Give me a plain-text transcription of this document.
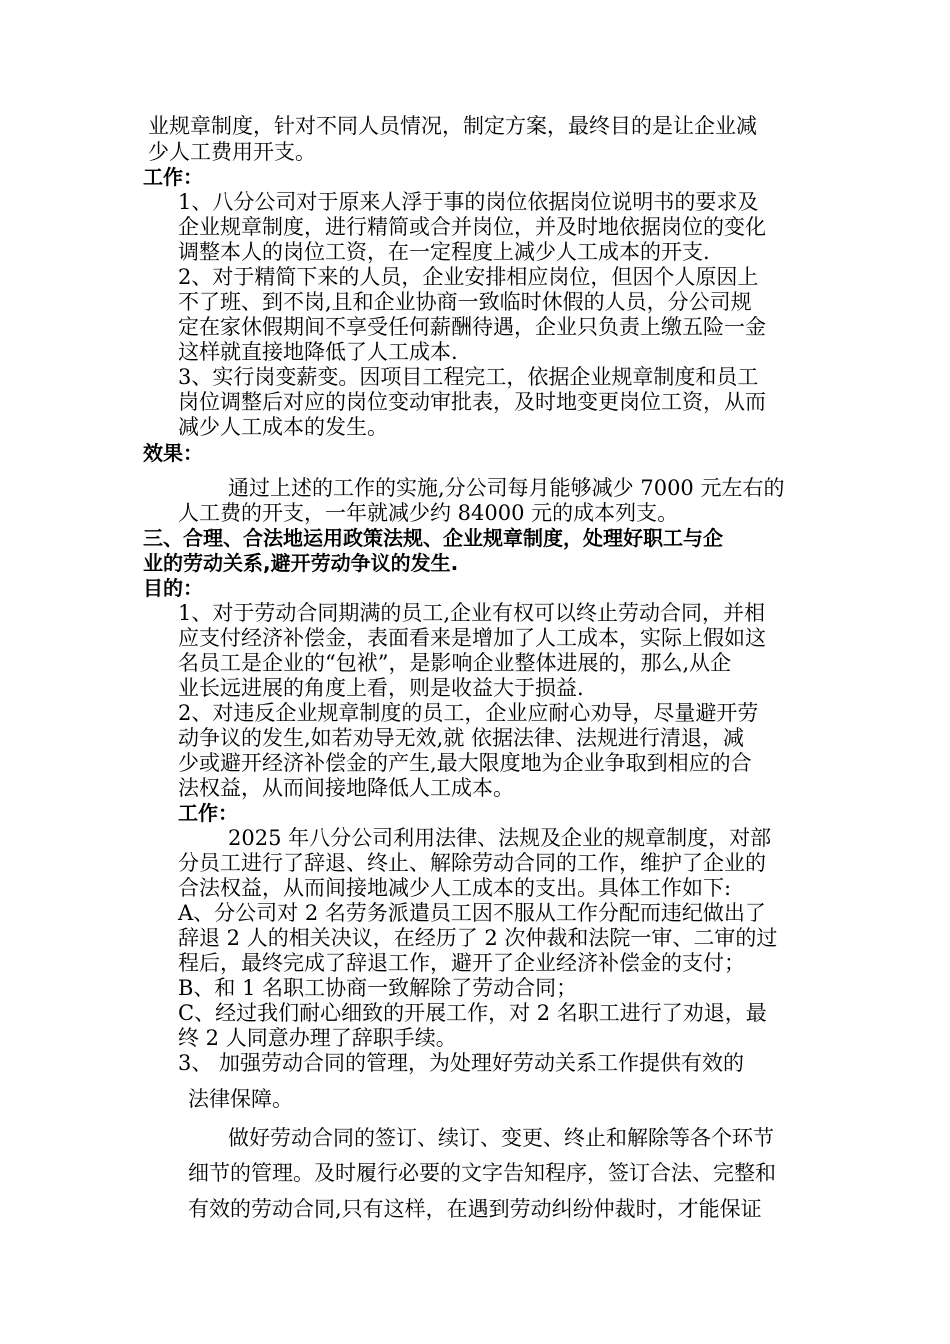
业规章制度，针对不同人员情况，制定方案，最终目的是让企业减
少人工费用开支。
工作：
1、八分公司对于原来人浮于事的岗位依据岗位说明书的要求及
企业规章制度，进行精简或合并岗位，并及时地依据岗位的变化
调整本人的岗位工资，在一定程度上减少人工成本的开支.
2、对于精简下来的人员，企业安排相应岗位，但因个人原因上
不了班、到不岗,且和企业协商一致临时休假的人员，分公司规
定在家休假期间不享受任何薪酬待遇，企业只负责上缴五险一金
这样就直接地降低了人工成本.
3、实行岗变薪变。因项目工程完工，依据企业规章制度和员工
岗位调整后对应的岗位变动审批表，及时地变更岗位工资，从而
减少人工成本的发生。
效果：
通过上述的工作的实施,分公司每月能够减少 7000 元左右的
人工费的开支，一年就减少约 84000 元的成本列支。
三、合理、合法地运用政策法规、企业规章制度，处理好职工与企
业的劳动关系,避开劳动争议的发生.
目的：
1、对于劳动合同期满的员工,企业有权可以终止劳动合同，并相
应支付经济补偿金，表面看来是增加了人工成本，实际上假如这
名员工是企业的“包袱”，是影响企业整体进展的，那么,从企
业长远进展的角度上看，则是收益大于损益.
2、对违反企业规章制度的员工，企业应耐心劝导，尽量避开劳
动争议的发生,如若劝导无效,就 依据法律、法规进行清退，减
少或避开经济补偿金的产生,最大限度地为企业争取到相应的合
法权益，从而间接地降低人工成本。
工作：
2025 年八分公司利用法律、法规及企业的规章制度，对部
分员工进行了辞退、终止、解除劳动合同的工作，维护了企业的
合法权益，从而间接地减少人工成本的支出。具体工作如下:
A、分公司对 2 名劳务派遣员工因不服从工作分配而违纪做出了
辞退 2 人的相关决议，在经历了 2 次仲裁和法院一审、二审的过
程后，最终完成了辞退工作，避开了企业经济补偿金的支付；
B、和 1 名职工协商一致解除了劳动合同；
C、经过我们耐心细致的开展工作，对 2 名职工进行了劝退，最
终 2 人同意办理了辞职手续。
3、 加强劳动合同的管理，为处理好劳动关系工作提供有效的
法律保障。
做好劳动合同的签订、续订、变更、终止和解除等各个环节
细节的管理。及时履行必要的文字告知程序，签订合法、完整和
有效的劳动合同,只有这样，在遇到劳动纠纷仲裁时，才能保证
